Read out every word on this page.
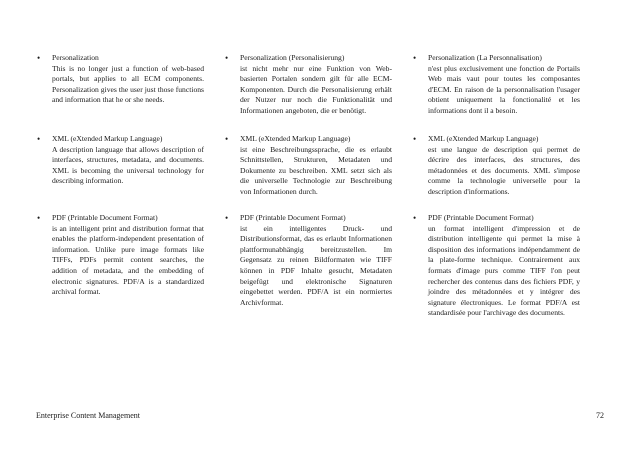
•	Personalization
This is no longer just a function of web-based portals, but applies to all ECM components. Personalization gives the user just those functions and information that he or she needs.
•	Personalization (Personalisierung)
ist nicht mehr nur eine Funktion von Web-basierten Portalen sondern gilt für alle ECM-Komponenten. Durch die Personalisierung erhält der Nutzer nur noch die Funktionalität und Informationen angeboten, die er benötigt.
•	Personalization (La Personnalisation)
n'est plus exclusivement une fonction de Portails Web mais vaut pour toutes les composantes d'ECM. En raison de la personnalisation l'usager obtient uniquement la fonctionalité et les informations dont il a besoin.
•	XML (eXtended Markup Language)
A description language that allows description of interfaces, structures, metadata, and documents. XML is becoming the universal technology for describing information.
•	XML (eXtended Markup Language)
ist eine Beschreibungssprache, die es erlaubt Schnittstellen, Strukturen, Metadaten und Dokumente zu beschreiben. XML setzt sich als die universelle Technologie zur Beschreibung von Informationen durch.
•	XML (eXtended Markup Language)
est une langue de description qui permet de décrire des interfaces, des structures, des métadonnées et des documents. XML s'impose comme la technologie universelle pour la description d'informations.
•	PDF (Printable Document Format)
is an intelligent print and distribution format that enables the platform-independent presentation of information. Unlike pure image formats like TIFFs, PDFs permit content searches, the addition of metadata, and the embedding of electronic signatures. PDF/A is a standardized archival format.
•	PDF (Printable Document Format)
ist ein intelligentes Druck- und Distributionsformat, das es erlaubt Informationen plattformunabhängig bereitzustellen. Im Gegensatz zu reinen Bildformaten wie TIFF können in PDF Inhalte gesucht, Metadaten beigefügt und elektronische Signaturen eingebettet werden. PDF/A ist ein normiertes Archivformat.
•	PDF (Printable Document Format)
un format intelligent d'impression et de distribution intelligente qui permet la mise à disposition des informations indépendamment de la plate-forme technique. Contrairement aux formats d'image purs comme TIFF l'on peut rechercher des contenus dans des fichiers PDF, y joindre des métadonnées et y intégrer des signature électroniques. Le format PDF/A est standardisée pour l'archivage des documents.
Enterprise Content Management	72
